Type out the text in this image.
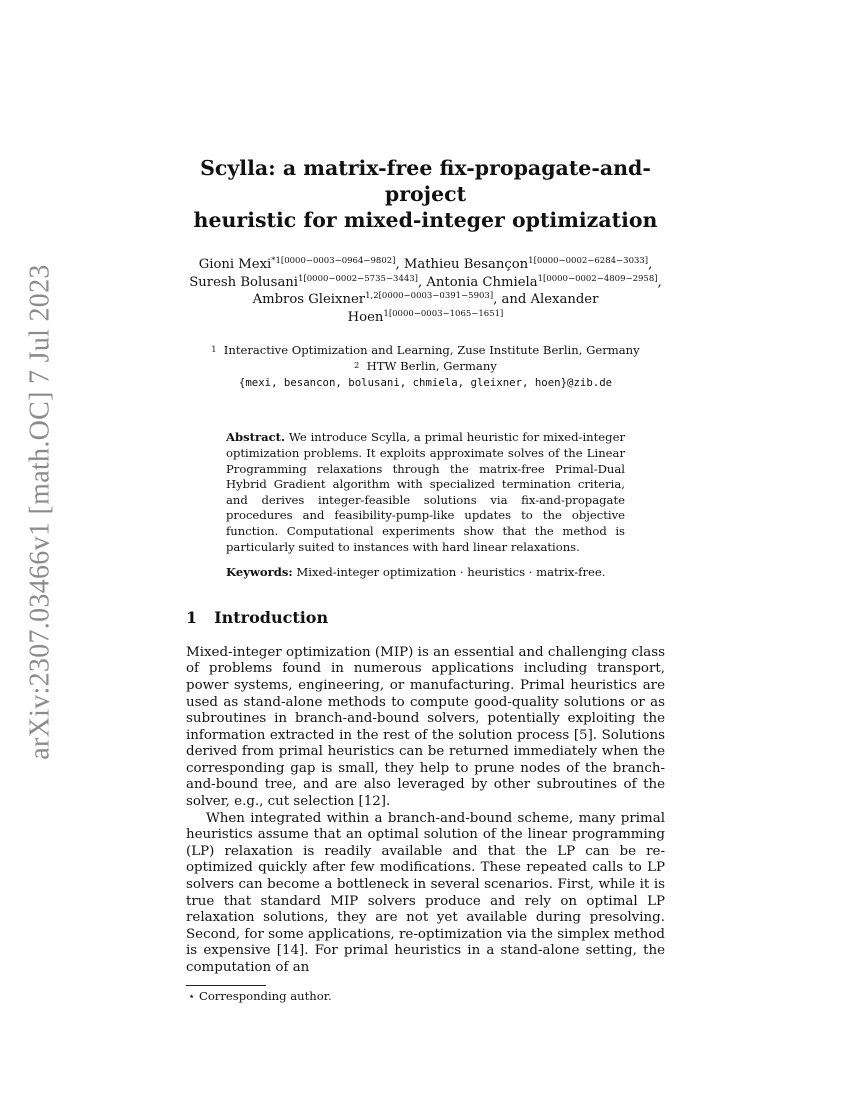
arXiv:2307.03466v1 [math.OC] 7 Jul 2023
Scylla: a matrix-free fix-propagate-and-project
heuristic for mixed-integer optimization
Gioni Mexi$^{*1[0000-0003-0964-9802]}$, Mathieu Besançon$^{1[0000-0002-6284-3033]}$,
Suresh Bolusani$^{1[0000-0002-5735-3443]}$, Antonia Chmiela$^{1[0000-0002-4809-2958]}$,
Ambros Gleixner$^{1,2[0000-0003-0391-5903]}$, and Alexander
Hoen$^{1[0000-0003-1065-1651]}$
$^1$ Interactive Optimization and Learning, Zuse Institute Berlin, Germany
$^2$ HTW Berlin, Germany
{mexi, besancon, bolusani, chmiela, gleixner, hoen}@zib.de
Abstract. We introduce Scylla, a primal heuristic for mixed-integer optimization problems. It exploits approximate solves of the Linear Programming relaxations through the matrix-free Primal-Dual Hybrid Gradient algorithm with specialized termination criteria, and derives integer-feasible solutions via fix-and-propagate procedures and feasibility-pump-like updates to the objective function. Computational experiments show that the method is particularly suited to instances with hard linear relaxations.
Keywords: Mixed-integer optimization · heuristics · matrix-free.
1 Introduction

Mixed-integer optimization (MIP) is an essential and challenging class of problems found in numerous applications including transport, power systems, engineering, or manufacturing. Primal heuristics are used as stand-alone methods to compute good-quality solutions or as subroutines in branch-and-bound solvers, potentially exploiting the information extracted in the rest of the solution process [5]. Solutions derived from primal heuristics can be returned immediately when the corresponding gap is small, they help to prune nodes of the branch-and-bound tree, and are also leveraged by other subroutines of the solver, e.g., cut selection [12].

When integrated within a branch-and-bound scheme, many primal heuristics assume that an optimal solution of the linear programming (LP) relaxation is readily available and that the LP can be re-optimized quickly after few modifications. These repeated calls to LP solvers can become a bottleneck in several scenarios. First, while it is true that standard MIP solvers produce and rely on optimal LP relaxation solutions, they are not yet available during presolving. Second, for some applications, re-optimization via the simplex method is expensive [14]. For primal heuristics in a stand-alone setting, the computation of an

⋆ Corresponding author.
